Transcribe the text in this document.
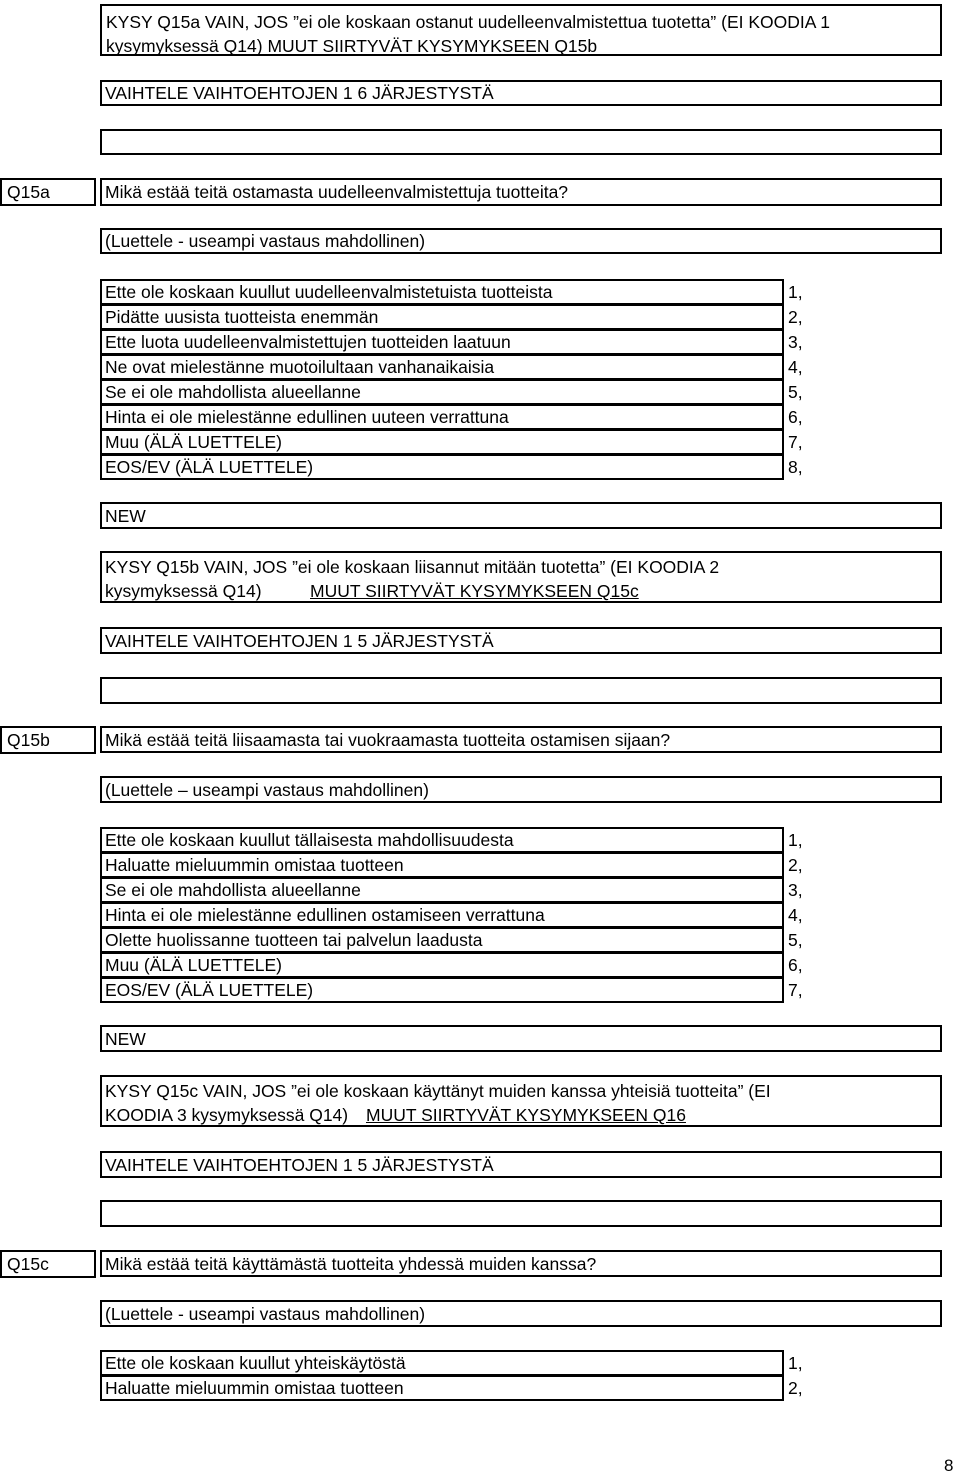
KYSY Q15a VAIN, JOS ”ei ole koskaan ostanut uudelleenvalmistettua tuotetta” (EI KOODIA 1 kysymyksessä Q14) MUUT SIIRTYVÄT KYSYMYKSEEN Q15b
VAIHTELE VAIHTOEHTOJEN 1 6 JÄRJESTYSTÄ
Q15a	Mikä estää teitä ostamasta uudelleenvalmistettuja tuotteita?
(Luettele - useampi vastaus mahdollinen)
Ette ole koskaan kuullut uudelleenvalmistetuista tuotteista	1,
Pidätte uusista tuotteista enemmän	2,
Ette luota uudelleenvalmistettujen tuotteiden laatuun	3,
Ne ovat mielestänne muotoilultaan vanhanaikaisia	4,
Se ei ole mahdollista alueellanne	5,
Hinta ei ole mielestänne edullinen uuteen verrattuna	6,
Muu (ÄLÄ LUETTELE)	7,
EOS/EV (ÄLÄ LUETTELE)	8,
NEW
KYSY Q15b VAIN, JOS ”ei ole koskaan liisannut mitään tuotetta” (EI KOODIA 2
kysymyksessä Q14)	MUUT SIIRTYVÄT KYSYMYKSEEN Q15c
VAIHTELE VAIHTOEHTOJEN 1 5 JÄRJESTYSTÄ
Q15b	Mikä estää teitä liisaamasta tai vuokraamasta tuotteita ostamisen sijaan?
(Luettele – useampi vastaus mahdollinen)
Ette ole koskaan kuullut tällaisesta mahdollisuudesta	1,
Haluatte mieluummin omistaa tuotteen	2,
Se ei ole mahdollista alueellanne	3,
Hinta ei ole mielestänne edullinen ostamiseen verrattuna	4,
Olette huolissanne tuotteen tai palvelun laadusta	5,
Muu (ÄLÄ LUETTELE)	6,
EOS/EV (ÄLÄ LUETTELE)	7,
NEW
KYSY Q15c VAIN, JOS ”ei ole koskaan käyttänyt muiden kanssa yhteisiä tuotteita” (EI
KOODIA 3 kysymyksessä Q14) MUUT SIIRTYVÄT KYSYMYKSEEN Q16
VAIHTELE VAIHTOEHTOJEN 1 5 JÄRJESTYSTÄ
Q15c	Mikä estää teitä käyttämästä tuotteita yhdessä muiden kanssa?
(Luettele - useampi vastaus mahdollinen)
Ette ole koskaan kuullut yhteiskäytöstä	1,
Haluatte mieluummin omistaa tuotteen	2,
8
